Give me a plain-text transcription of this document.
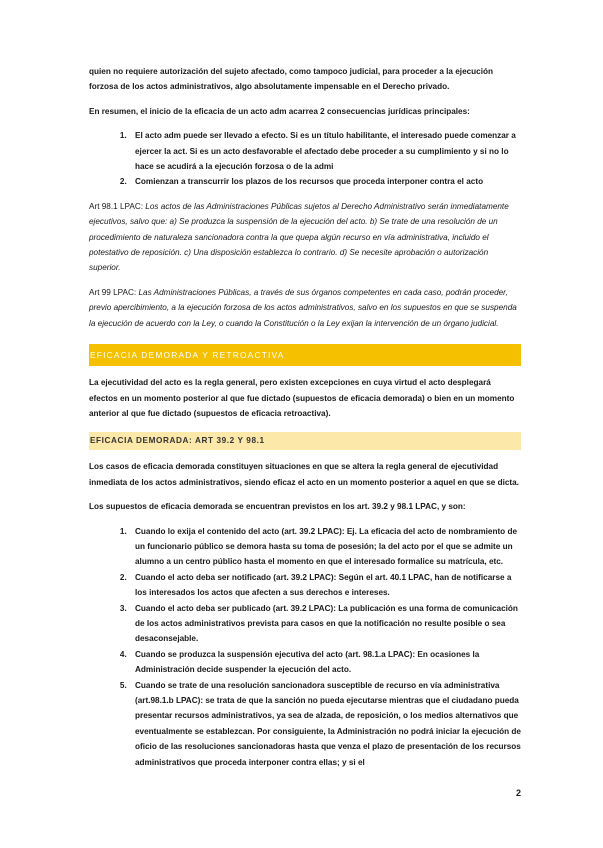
quien no requiere autorización del sujeto afectado, como tampoco judicial, para proceder a la ejecución forzosa de los actos administrativos, algo absolutamente impensable en el Derecho privado.

En resumen, el inicio de la eficacia de un acto adm acarrea 2 consecuencias jurídicas principales:

1. El acto adm puede ser llevado a efecto. Si es un título habilitante, el interesado puede comenzar a ejercer la act. Si es un acto desfavorable el afectado debe proceder a su cumplimiento y si no lo hace se acudirá a la ejecución forzosa o de la admi
2. Comienzan a transcurrir los plazos de los recursos que proceda interponer contra el acto

Art 98.1 LPAC: Los actos de las Administraciones Públicas sujetos al Derecho Administrativo serán inmediatamente ejecutivos, salvo que: a) Se produzca la suspensión de la ejecución del acto. b) Se trate de una resolución de un procedimiento de naturaleza sancionadora contra la que quepa algún recurso en vía administrativa, incluido el potestativo de reposición. c) Una disposición establezca lo contrario. d) Se necesite aprobación o autorización superior.

Art 99 LPAC: Las Administraciones Públicas, a través de sus órganos competentes en cada caso, podrán proceder, previo apercibimiento, a la ejecución forzosa de los actos administrativos, salvo en los supuestos en que se suspenda la ejecución de acuerdo con la Ley, o cuando la Constitución o la Ley exijan la intervención de un órgano judicial.

EFICACIA DEMORADA Y RETROACTIVA

La ejecutividad del acto es la regla general, pero existen excepciones en cuya virtud el acto desplegará efectos en un momento posterior al que fue dictado (supuestos de eficacia demorada) o bien en un momento anterior al que fue dictado (supuestos de eficacia retroactiva).

EFICACIA DEMORADA: ART 39.2 Y 98.1

Los casos de eficacia demorada constituyen situaciones en que se altera la regla general de ejecutividad inmediata de los actos administrativos, siendo eficaz el acto en un momento posterior a aquel en que se dicta.

Los supuestos de eficacia demorada se encuentran previstos en los art. 39.2 y 98.1 LPAC, y son:

1. Cuando lo exija el contenido del acto (art. 39.2 LPAC): Ej. La eficacia del acto de nombramiento de un funcionario público se demora hasta su toma de posesión; la del acto por el que se admite un alumno a un centro público hasta el momento en que el interesado formalice su matrícula, etc.
2. Cuando el acto deba ser notificado (art. 39.2 LPAC): Según el art. 40.1 LPAC, han de notificarse a los interesados los actos que afecten a sus derechos e intereses.
3. Cuando el acto deba ser publicado (art. 39.2 LPAC): La publicación es una forma de comunicación de los actos administrativos prevista para casos en que la notificación no resulte posible o sea desaconsejable.
4. Cuando se produzca la suspensión ejecutiva del acto (art. 98.1.a LPAC): En ocasiones la Administración decide suspender la ejecución del acto.
5. Cuando se trate de una resolución sancionadora susceptible de recurso en vía administrativa (art.98.1.b LPAC): se trata de que la sanción no pueda ejecutarse mientras que el ciudadano pueda presentar recursos administrativos, ya sea de alzada, de reposición, o los medios alternativos que eventualmente se establezcan. Por consiguiente, la Administración no podrá iniciar la ejecución de oficio de las resoluciones sancionadoras hasta que venza el plazo de presentación de los recursos administrativos que proceda interponer contra ellas; y si el
2
